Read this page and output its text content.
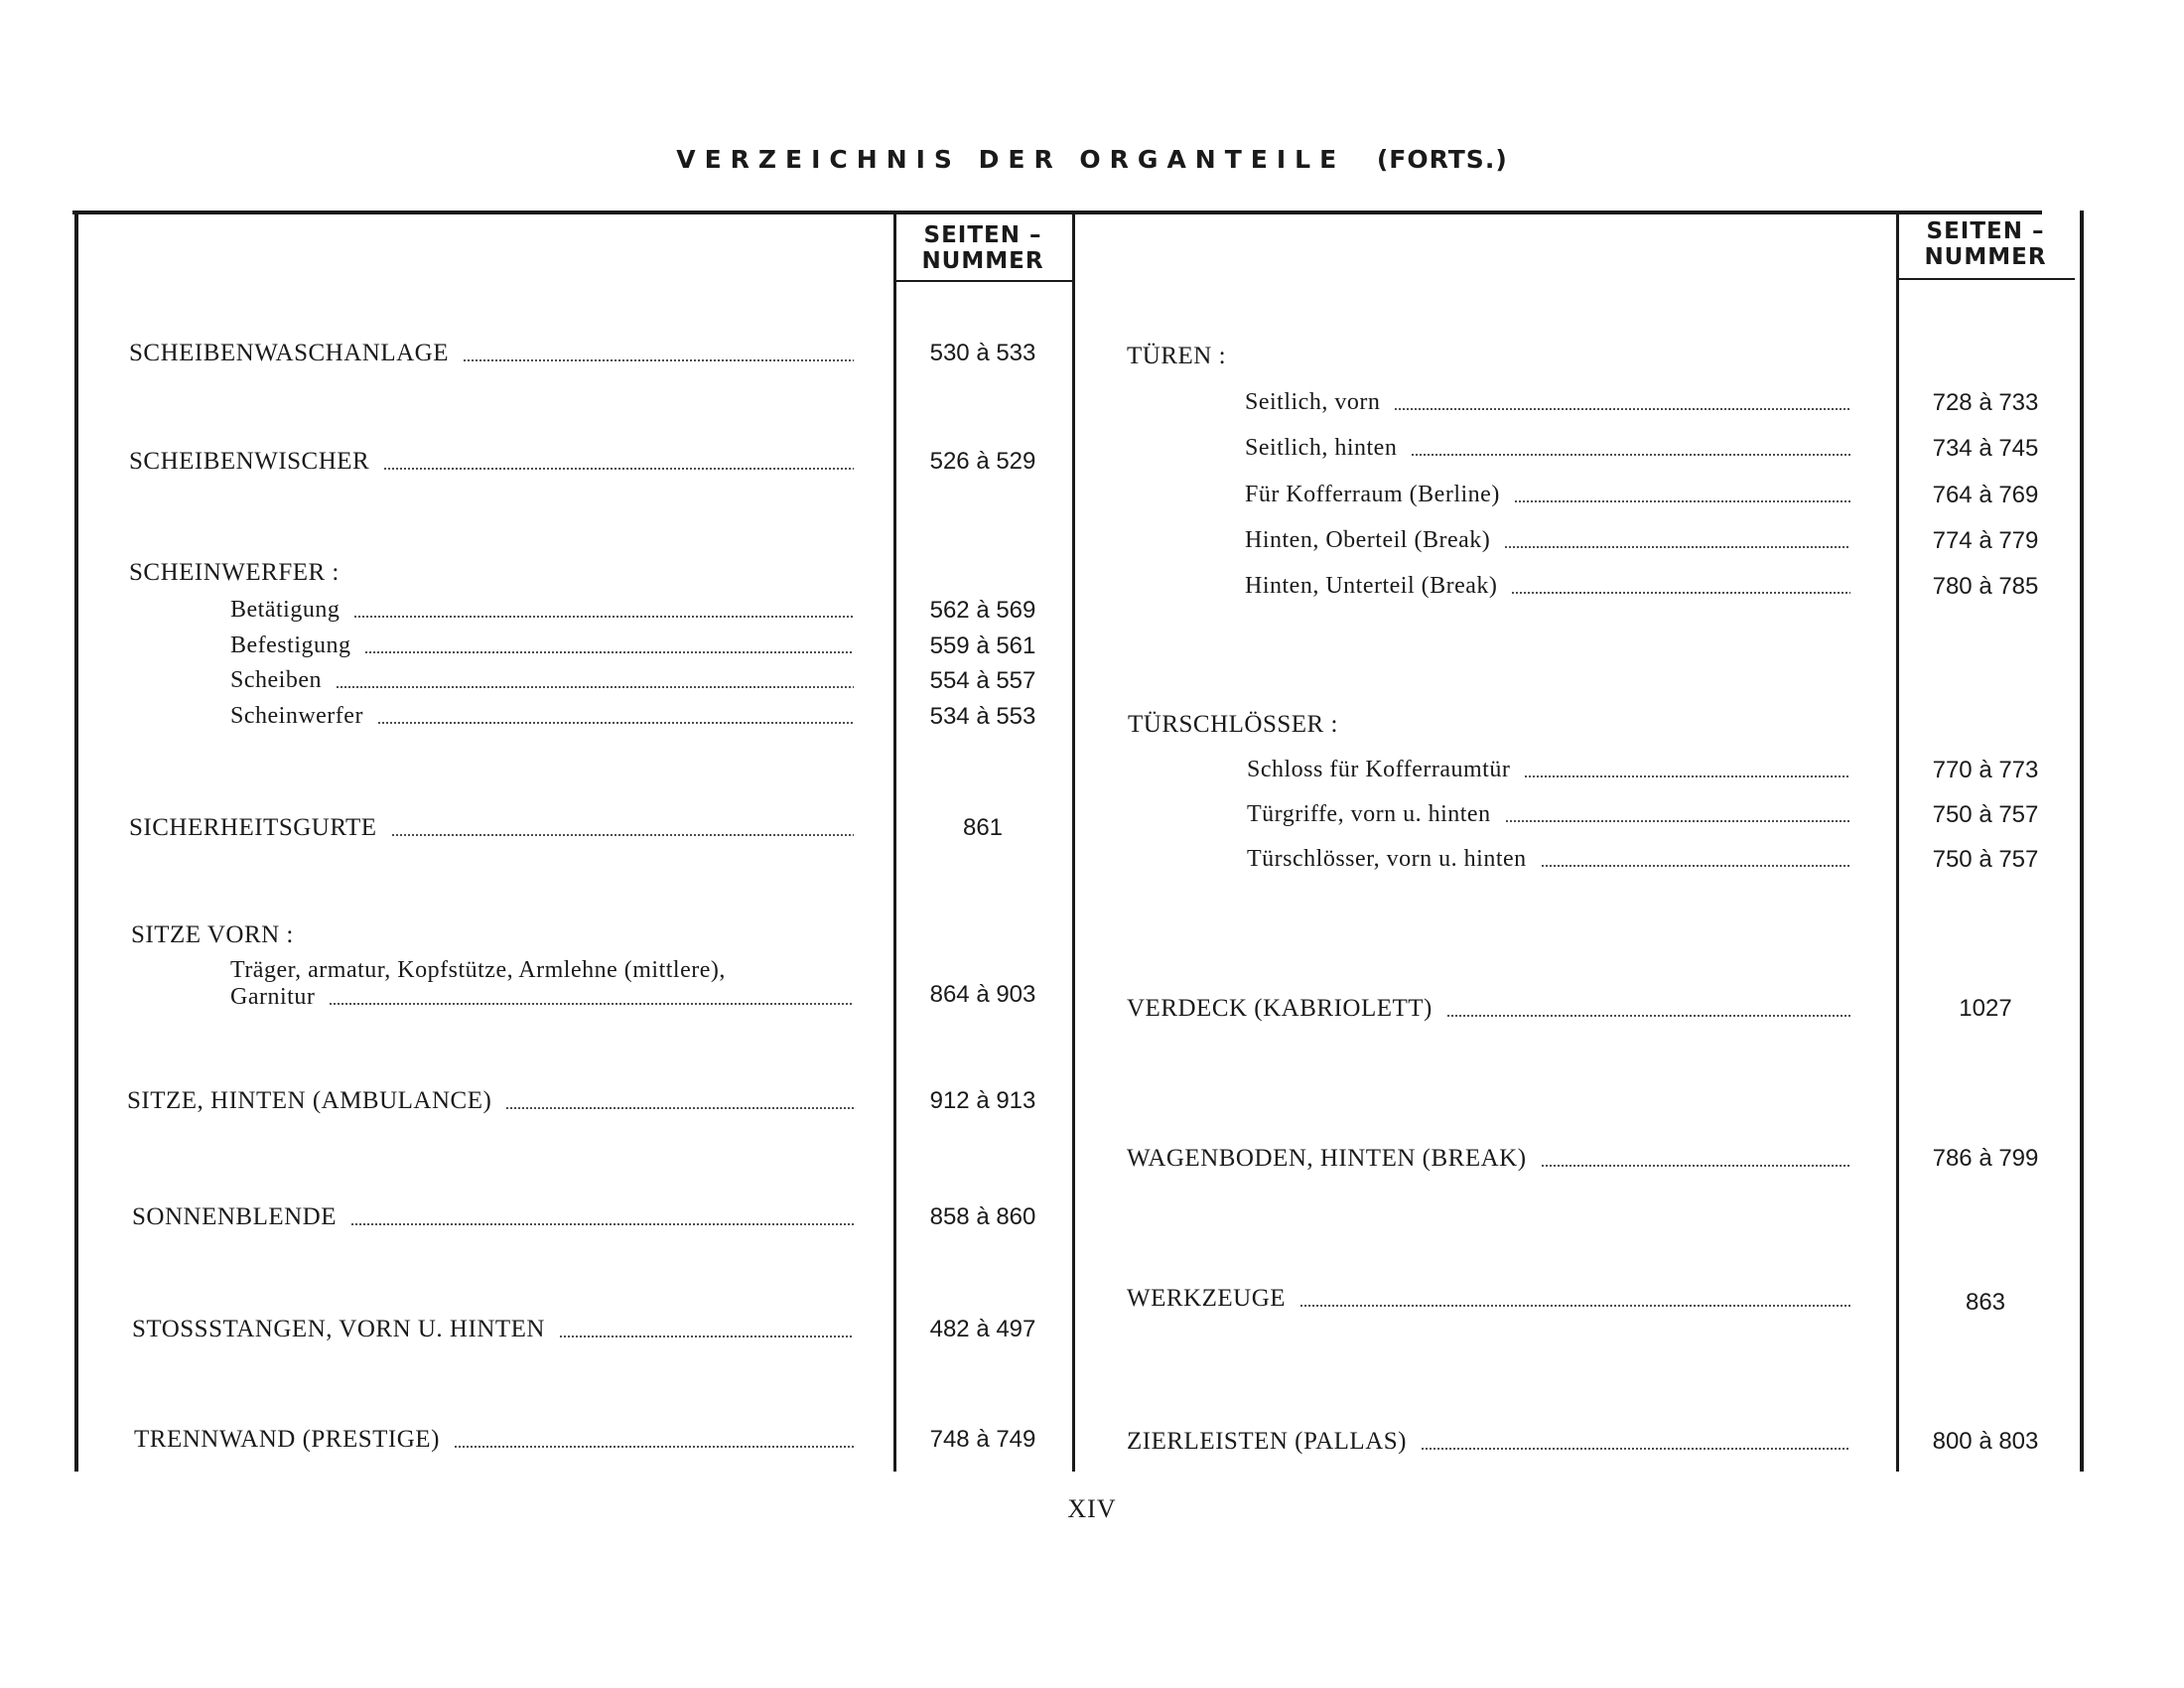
VERZEICHNIS DER ORGANTEILE (FORTS.)
SEITEN –
NUMMER
SEITEN –
NUMMER
SCHEIBENWASCHANLAGE	530 à 533
SCHEIBENWISCHER	526 à 529
SCHEINWERFER :
Betätigung	562 à 569
Befestigung	559 à 561
Scheiben	554 à 557
Scheinwerfer	534 à 553
SICHERHEITSGURTE	861
SITZE VORN :
Träger, armatur, Kopfstütze, Armlehne (mittlere),
Garnitur	864 à 903
SITZE, HINTEN (AMBULANCE)	912 à 913
SONNENBLENDE	858 à 860
STOSSSTANGEN, VORN U. HINTEN	482 à 497
TRENNWAND (PRESTIGE)	748 à 749
TÜREN :
Seitlich, vorn	728 à 733
Seitlich, hinten	734 à 745
Für Kofferraum (Berline)	764 à 769
Hinten, Oberteil (Break)	774 à 779
Hinten, Unterteil (Break)	780 à 785
TÜRSCHLÖSSER :
Schloss für Kofferraumtür	770 à 773
Türgriffe, vorn u. hinten	750 à 757
Türschlösser, vorn u. hinten	750 à 757
VERDECK (KABRIOLETT)	1027
WAGENBODEN, HINTEN (BREAK)	786 à 799
WERKZEUGE	863
ZIERLEISTEN (PALLAS)	800 à 803
XIV
